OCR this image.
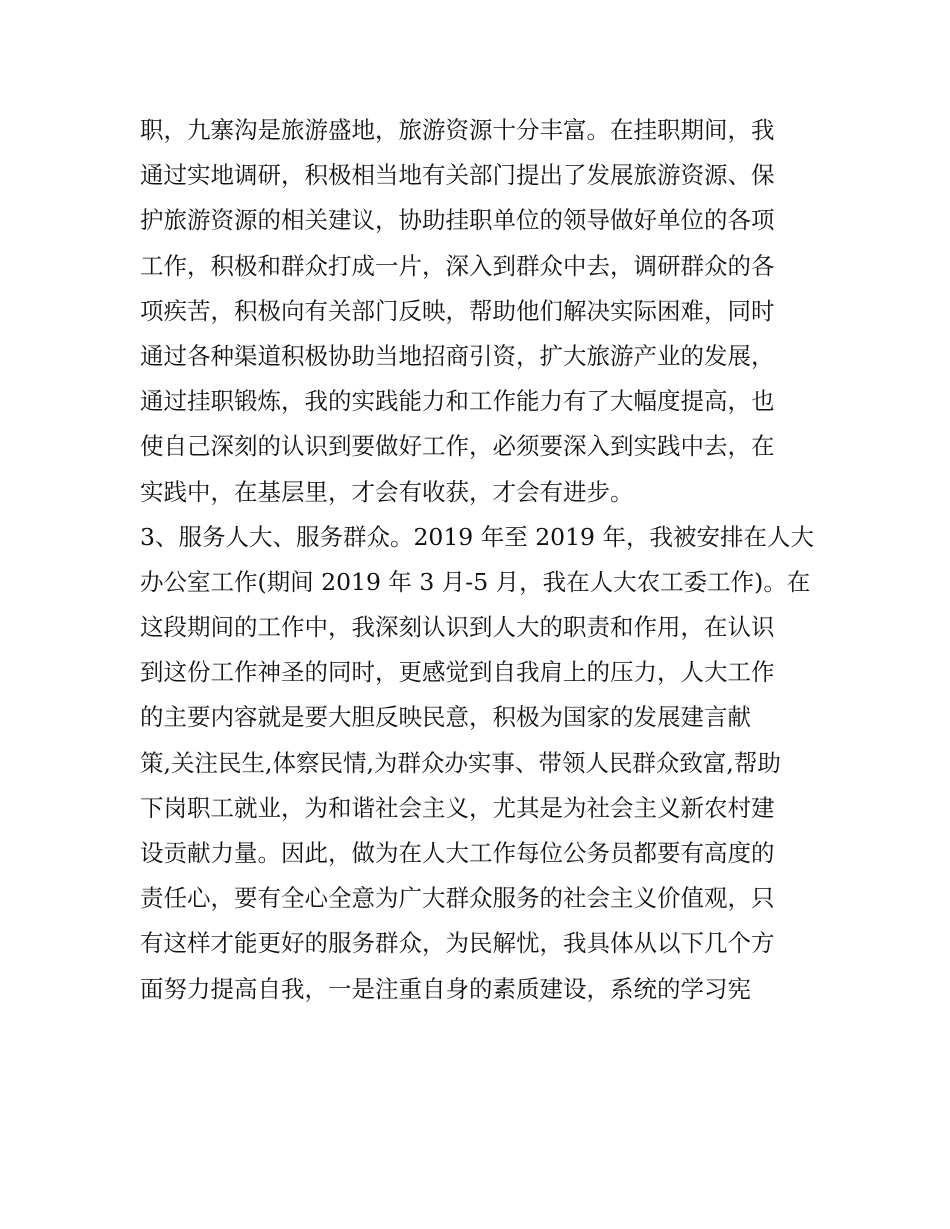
职，九寨沟是旅游盛地，旅游资源十分丰富。在挂职期间，我
通过实地调研，积极相当地有关部门提出了发展旅游资源、保
护旅游资源的相关建议，协助挂职单位的领导做好单位的各项
工作，积极和群众打成一片，深入到群众中去，调研群众的各
项疾苦，积极向有关部门反映，帮助他们解决实际困难，同时
通过各种渠道积极协助当地招商引资，扩大旅游产业的发展，
通过挂职锻炼，我的实践能力和工作能力有了大幅度提高，也
使自己深刻的认识到要做好工作，必须要深入到实践中去，在
实践中，在基层里，才会有收获，才会有进步。
3、服务人大、服务群众。2019 年至 2019 年，我被安排在人大
办公室工作(期间 2019 年 3 月-5 月，我在人大农工委工作)。在
这段期间的工作中，我深刻认识到人大的职责和作用，在认识
到这份工作神圣的同时，更感觉到自我肩上的压力，人大工作
的主要内容就是要大胆反映民意，积极为国家的发展建言献
策,关注民生,体察民情,为群众办实事、带领人民群众致富,帮助
下岗职工就业，为和谐社会主义，尤其是为社会主义新农村建
设贡献力量。因此，做为在人大工作每位公务员都要有高度的
责任心，要有全心全意为广大群众服务的社会主义价值观，只
有这样才能更好的服务群众，为民解忧，我具体从以下几个方
面努力提高自我，一是注重自身的素质建设，系统的学习宪
